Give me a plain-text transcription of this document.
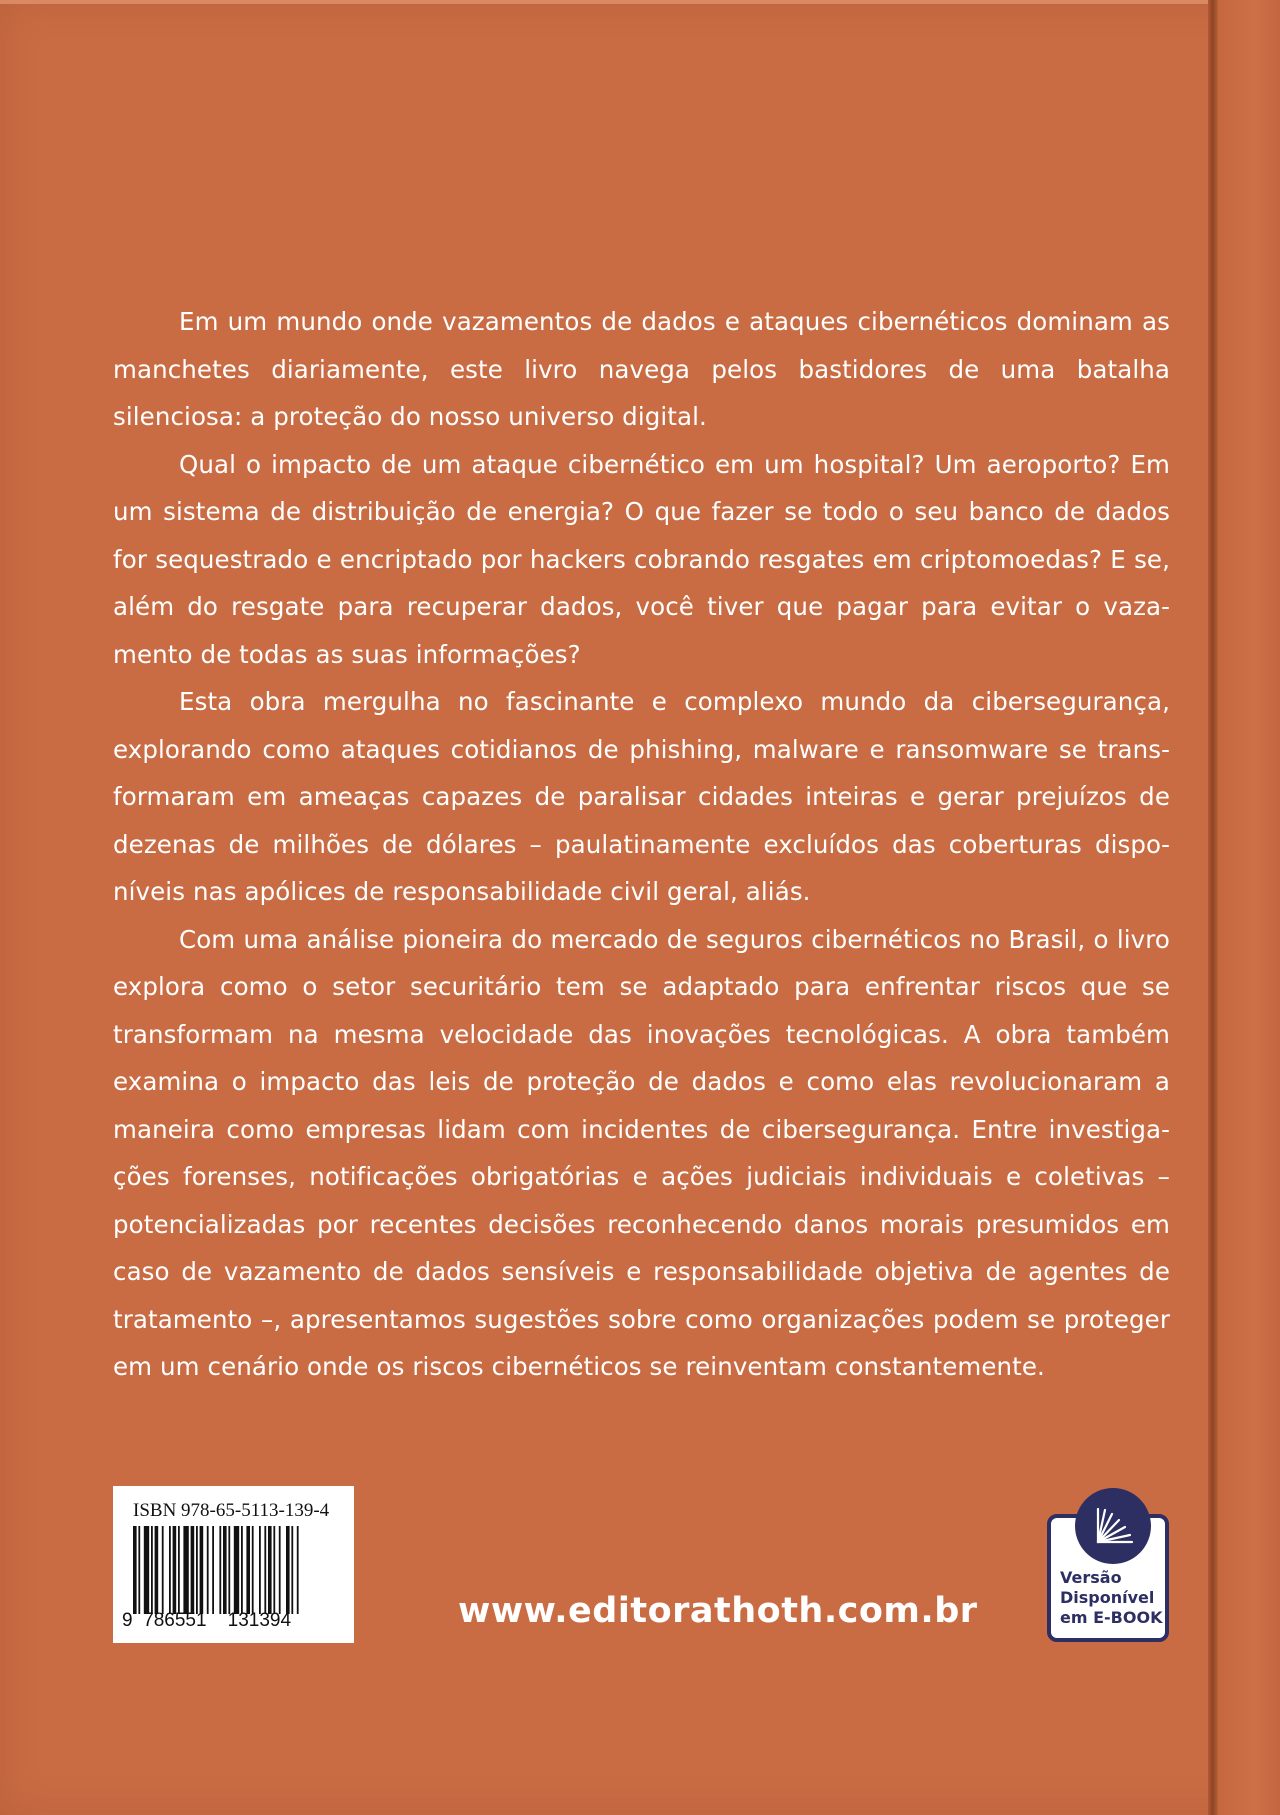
Em um mundo onde vazamentos de dados e ataques cibernéticos dominam as manchetes diariamente, este livro navega pelos bastidores de uma batalha silenciosa: a proteção do nosso universo digital.

Qual o impacto de um ataque cibernético em um hospital? Um aeroporto? Em um sistema de distribuição de energia? O que fazer se todo o seu banco de dados for sequestrado e encriptado por hackers cobrando resgates em criptomoedas? E se, além do resgate para recuperar dados, você tiver que pagar para evitar o vazamento de todas as suas informações?

Esta obra mergulha no fascinante e complexo mundo da cibersegurança, explorando como ataques cotidianos de phishing, malware e ransomware se transformaram em ameaças capazes de paralisar cidades inteiras e gerar prejuízos de dezenas de milhões de dólares – paulatinamente excluídos das coberturas disponíveis nas apólices de responsabilidade civil geral, aliás.

Com uma análise pioneira do mercado de seguros cibernéticos no Brasil, o livro explora como o setor securitário tem se adaptado para enfrentar riscos que se transformam na mesma velocidade das inovações tecnológicas. A obra também examina o impacto das leis de proteção de dados e como elas revolucionaram a maneira como empresas lidam com incidentes de cibersegurança. Entre investigações forenses, notificações obrigatórias e ações judiciais individuais e coletivas – potencializadas por recentes decisões reconhecendo danos morais presumidos em caso de vazamento de dados sensíveis e responsabilidade objetiva de agentes de tratamento –, apresentamos sugestões sobre como organizações podem se proteger em um cenário onde os riscos cibernéticos se reinventam constantemente.

ISBN 978-65-5113-139-4
9  786551    131394	www.editorathoth.com.br
Versão
Disponível
em E-BOOK
